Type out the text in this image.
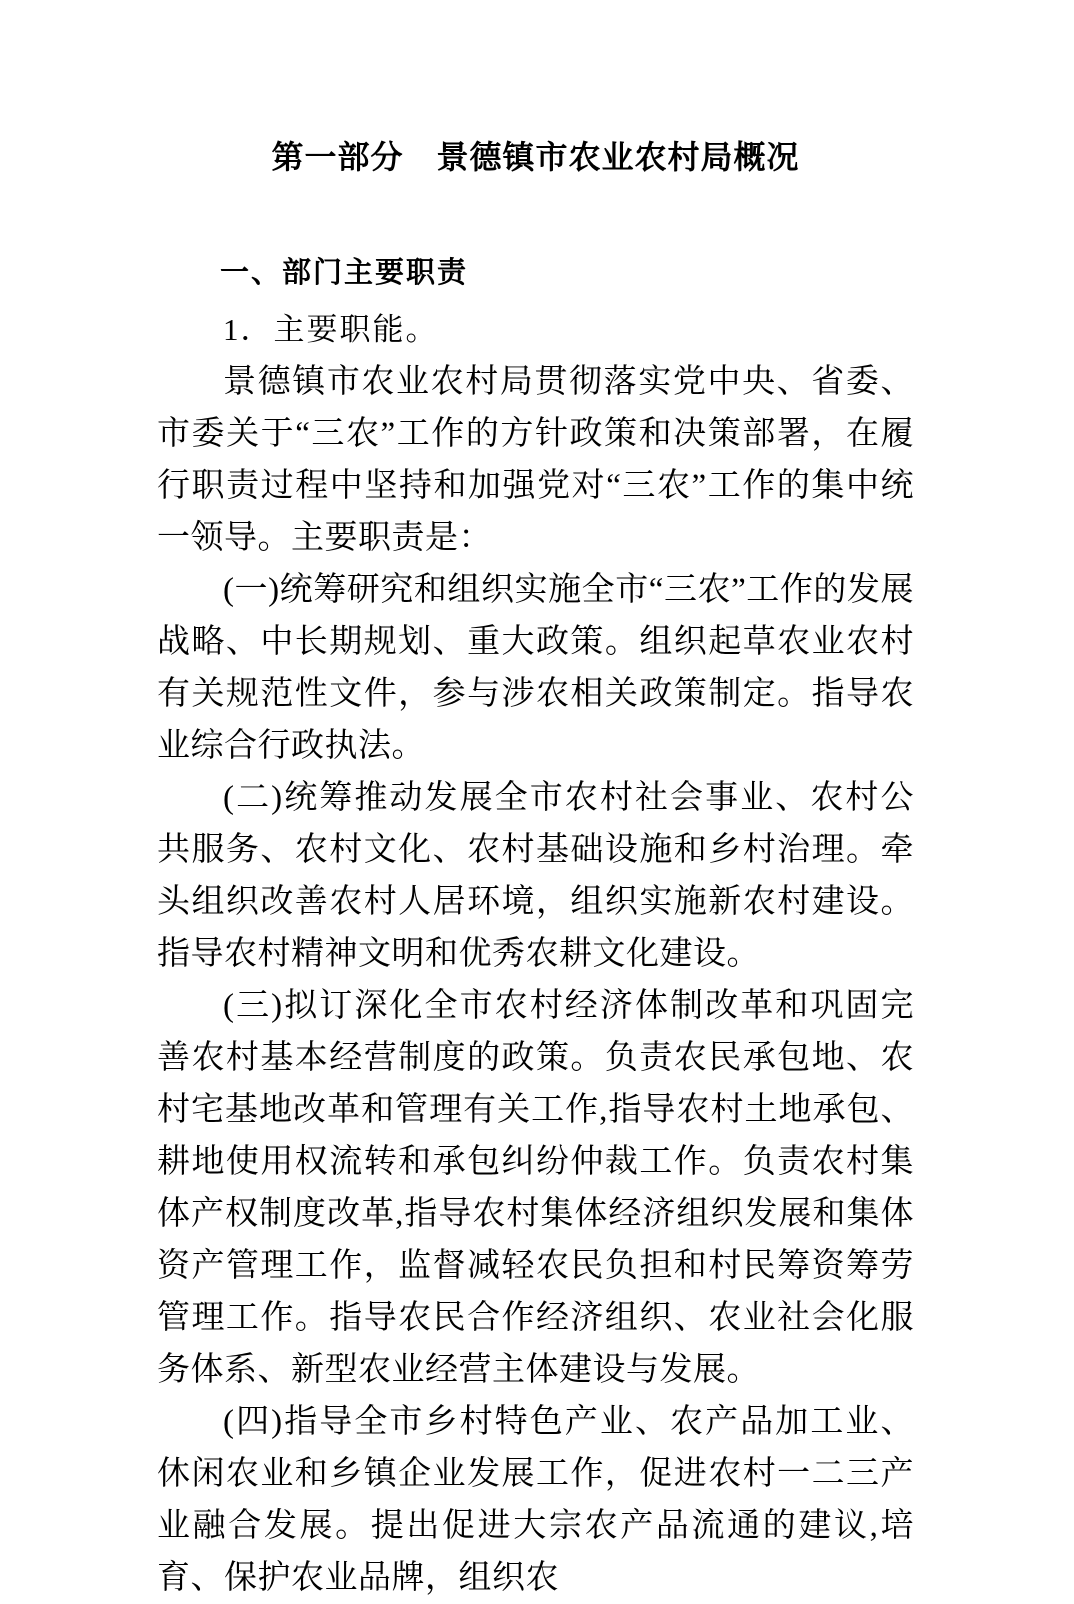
第一部分　景德镇市农业农村局概况
一、部门主要职责
1．主要职能。

景德镇市农业农村局贯彻落实党中央、省委、市委关于“三农”工作的方针政策和决策部署，在履行职责过程中坚持和加强党对“三农”工作的集中统一领导。主要职责是：

(一)统筹研究和组织实施全市“三农”工作的发展战略、中长期规划、重大政策。组织起草农业农村有关规范性文件，参与涉农相关政策制定。指导农业综合行政执法。

(二)统筹推动发展全市农村社会事业、农村公共服务、农村文化、农村基础设施和乡村治理。牵头组织改善农村人居环境，组织实施新农村建设。指导农村精神文明和优秀农耕文化建设。

(三)拟订深化全市农村经济体制改革和巩固完善农村基本经营制度的政策。负责农民承包地、农村宅基地改革和管理有关工作,指导农村土地承包、耕地使用权流转和承包纠纷仲裁工作。负责农村集体产权制度改革,指导农村集体经济组织发展和集体资产管理工作，监督减轻农民负担和村民筹资筹劳管理工作。指导农民合作经济组织、农业社会化服务体系、新型农业经营主体建设与发展。

(四)指导全市乡村特色产业、农产品加工业、休闲农业和乡镇企业发展工作，促进农村一二三产业融合发展。提出促进大宗农产品流通的建议,培育、保护农业品牌，组织农
